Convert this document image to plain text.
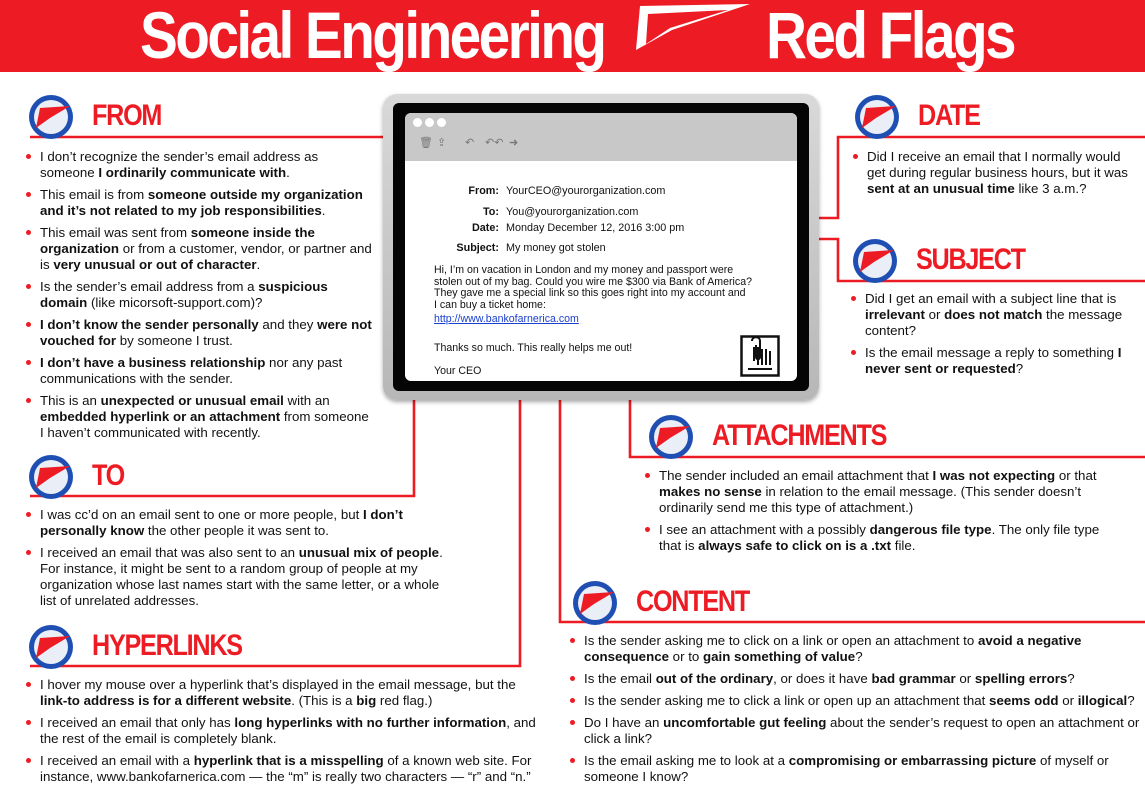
Social Engineering Red Flags
🗑 ⇪ ↶ ↶↶ ➜
From: YourCEO@yourorganization.com
To: You@yourorganization.com
Date: Monday December 12, 2016 3:00 pm
Subject: My money got stolen
Hi, I’m on vacation in London and my money and passport were
stolen out of my bag. Could you wire me $300 via Bank of America?
They gave me a special link so this goes right into my account and
I can buy a ticket home:
http://www.bankofarnerica.com
Thanks so much. This really helps me out!
Your CEO
FROM
TO
HYPERLINKS
DATE
SUBJECT
ATTACHMENTS
CONTENT
I don’t recognize the sender’s email address as someone I ordinarily communicate with.
This email is from someone outside my organization and it’s not related to my job responsibilities.
This email was sent from someone inside the organization or from a customer, vendor, or partner and is very unusual or out of character.
Is the sender’s email address from a suspicious domain (like micorsoft-support.com)?
I don’t know the sender personally and they were not vouched for by someone I trust.
I don’t have a business relationship nor any past communications with the sender.
This is an unexpected or unusual email with an embedded hyperlink or an attachment from someone I haven’t communicated with recently.
I was cc’d on an email sent to one or more people, but I don’t personally know the other people it was sent to.
I received an email that was also sent to an unusual mix of people. For instance, it might be sent to a random group of people at my organization whose last names start with the same letter, or a whole list of unrelated addresses.
I hover my mouse over a hyperlink that’s displayed in the email message, but the link-to address is for a different website. (This is a big red flag.)
I received an email that only has long hyperlinks with no further information, and the rest of the email is completely blank.
I received an email with a hyperlink that is a misspelling of a known web site. For instance, www.bankofarnerica.com — the “m” is really two characters — “r” and “n.”
Did I receive an email that I normally would get during regular business hours, but it was sent at an unusual time like 3 a.m.?
Did I get an email with a subject line that is irrelevant or does not match the message content?
Is the email message a reply to something I never sent or requested?
The sender included an email attachment that I was not expecting or that makes no sense in relation to the email message. (This sender doesn’t ordinarily send me this type of attachment.)
I see an attachment with a possibly dangerous file type. The only file type that is always safe to click on is a .txt file.
Is the sender asking me to click on a link or open an attachment to avoid a negative consequence or to gain something of value?
Is the email out of the ordinary, or does it have bad grammar or spelling errors?
Is the sender asking me to click a link or open up an attachment that seems odd or illogical?
Do I have an uncomfortable gut feeling about the sender’s request to open an attachment or click a link?
Is the email asking me to look at a compromising or embarrassing picture of myself or someone I know?
